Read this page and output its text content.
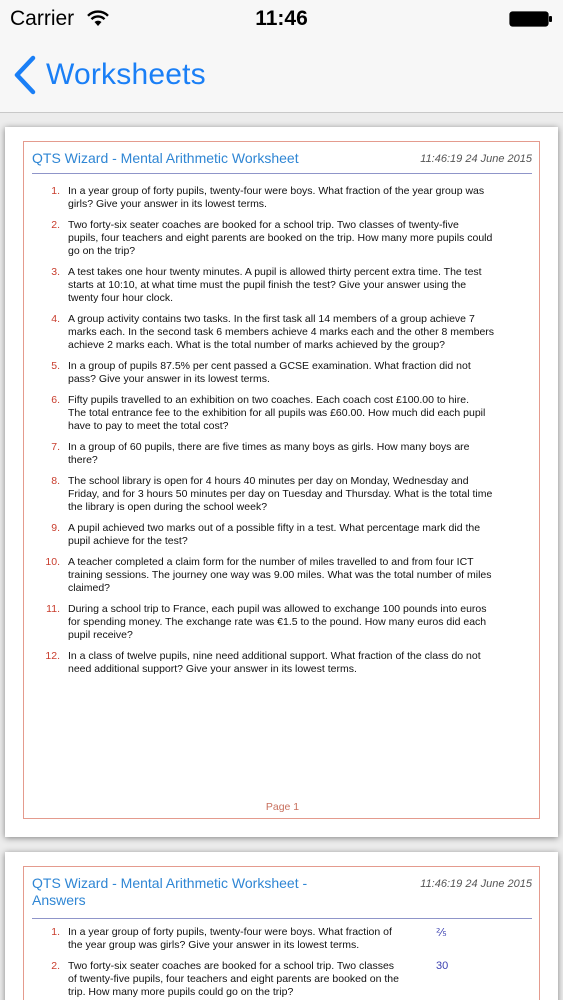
Carrier	11:46
Worksheets
QTS Wizard - Mental Arithmetic Worksheet	11:46:19 24 June 2015
1. In a year group of forty pupils, twenty-four were boys. What fraction of the year group was
girls? Give your answer in its lowest terms.
2. Two forty-six seater coaches are booked for a school trip. Two classes of twenty-five
pupils, four teachers and eight parents are booked on the trip. How many more pupils could
go on the trip?
3. A test takes one hour twenty minutes. A pupil is allowed thirty percent extra time. The test
starts at 10:10, at what time must the pupil finish the test? Give your answer using the
twenty four hour clock.
4. A group activity contains two tasks. In the first task all 14 members of a group achieve 7
marks each. In the second task 6 members achieve 4 marks each and the other 8 members
achieve 2 marks each. What is the total number of marks achieved by the group?
5. In a group of pupils 87.5% per cent passed a GCSE examination. What fraction did not
pass? Give your answer in its lowest terms.
6. Fifty pupils travelled to an exhibition on two coaches. Each coach cost £100.00 to hire.
The total entrance fee to the exhibition for all pupils was £60.00. How much did each pupil
have to pay to meet the total cost?
7. In a group of 60 pupils, there are five times as many boys as girls. How many boys are
there?
8. The school library is open for 4 hours 40 minutes per day on Monday, Wednesday and
Friday, and for 3 hours 50 minutes per day on Tuesday and Thursday. What is the total time
the library is open during the school week?
9. A pupil achieved two marks out of a possible fifty in a test. What percentage mark did the
pupil achieve for the test?
10. A teacher completed a claim form for the number of miles travelled to and from four ICT
training sessions. The journey one way was 9.00 miles. What was the total number of miles
claimed?
11. During a school trip to France, each pupil was allowed to exchange 100 pounds into euros
for spending money. The exchange rate was €1.5 to the pound. How many euros did each
pupil receive?
12. In a class of twelve pupils, nine need additional support. What fraction of the class do not
need additional support? Give your answer in its lowest terms.
Page 1
QTS Wizard - Mental Arithmetic Worksheet -
Answers
11:46:19 24 June 2015
1. In a year group of forty pupils, twenty-four were boys. What fraction of
the year group was girls? Give your answer in its lowest terms.
⅖
2. Two forty-six seater coaches are booked for a school trip. Two classes
of twenty-five pupils, four teachers and eight parents are booked on the
trip. How many more pupils could go on the trip?
30
